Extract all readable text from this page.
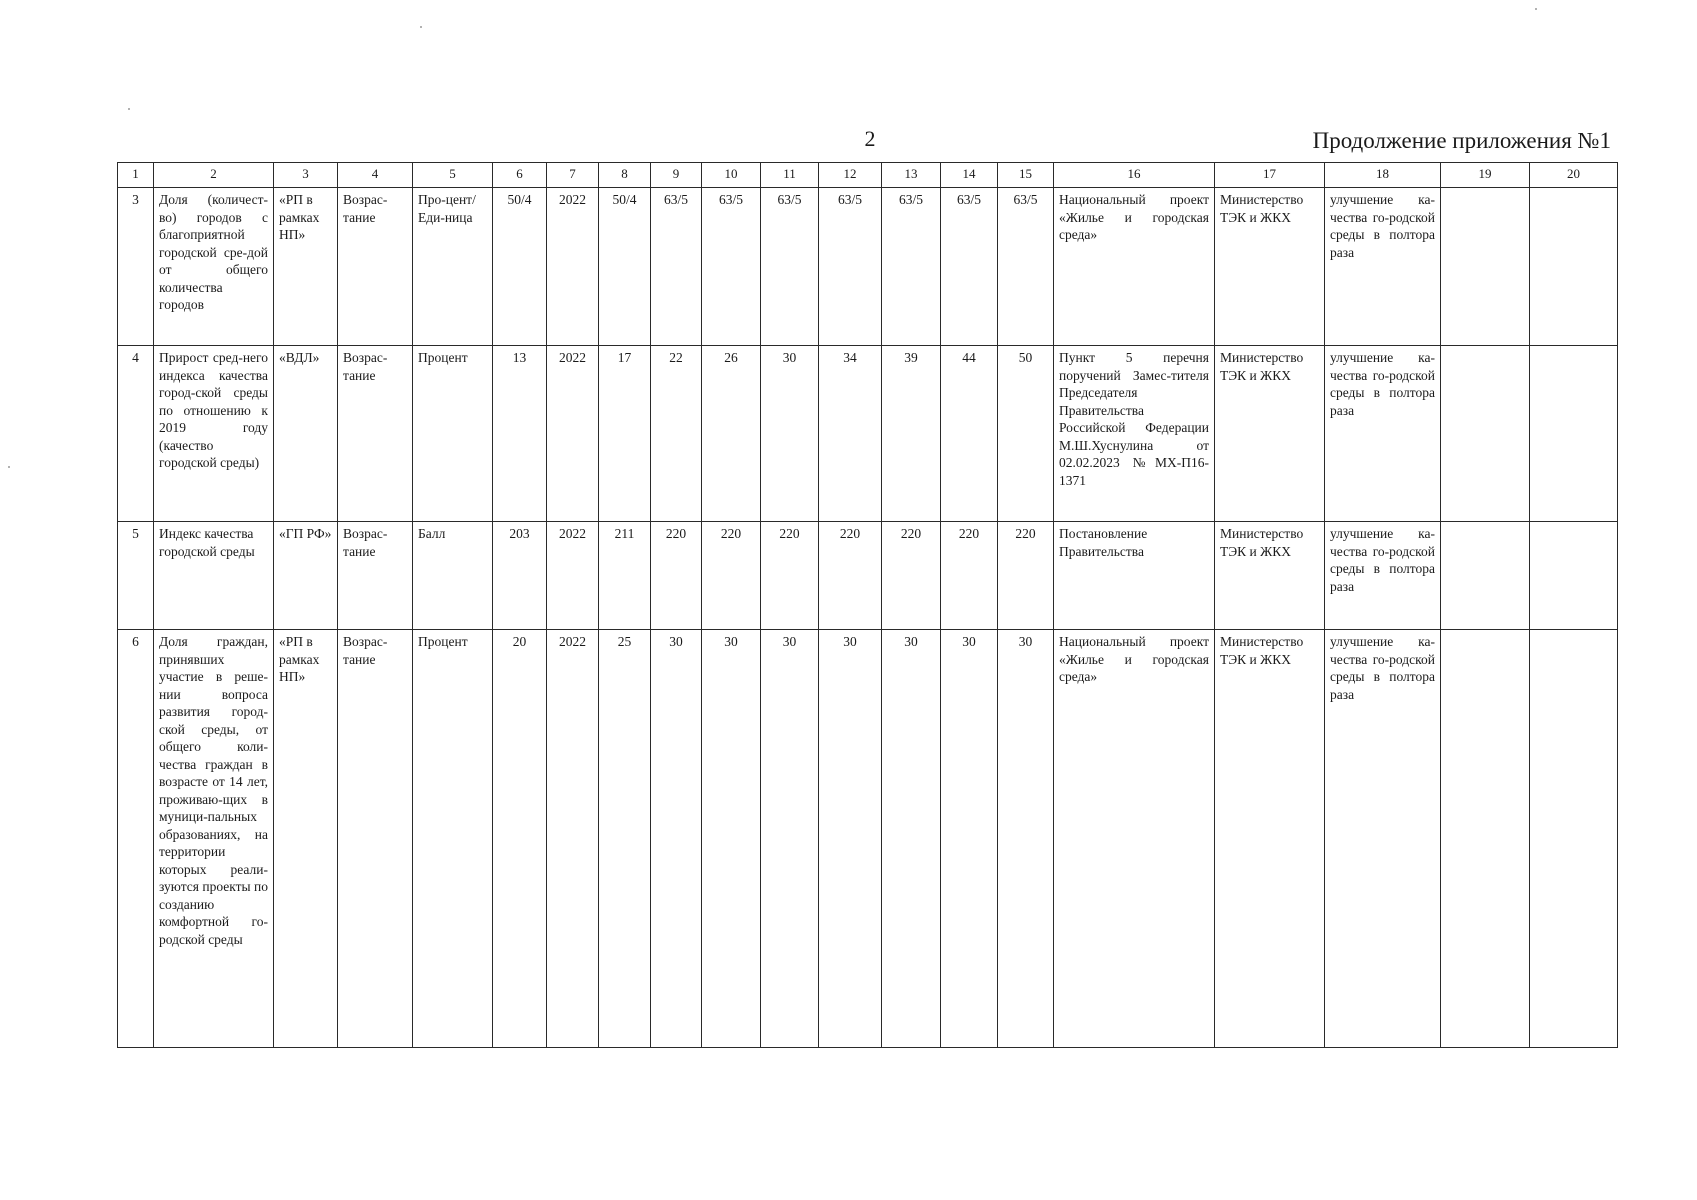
2	Продолжение приложения №1
1	2	3	4	5	6	7	8	9	10	11	12	13	14	15	16	17	18	19	20
3	Доля (количест-во) городов с благоприятной городской сре-дой от общего количества городов	«РП в рамках НП»	Возрас-тание	Про-цент/Еди-ница	50/4	2022	50/4	63/5	63/5	63/5	63/5	63/5	63/5	63/5	Национальный проект «Жилье и городская среда»	Министерство ТЭК и ЖКХ	улучшение ка-чества го-родской среды в полтора раза		
4	Прирост сред-него индекса качества город-ской среды по отношению к 2019 году (качество городской среды)	«ВДЛ»	Возрас-тание	Процент	13	2022	17	22	26	30	34	39	44	50	Пункт 5 перечня поручений Замес-тителя Председателя Правительства Российской Федерации М.Ш.Хуснулина от 02.02.2023 №МХ-П16-1371	Министерство ТЭК и ЖКХ	улучшение ка-чества го-родской среды в полтора раза		
5	Индекс качества городской среды	«ГП РФ»	Возрас-тание	Балл	203	2022	211	220	220	220	220	220	220	220	Постановление Правительства	Министерство ТЭК и ЖКХ	улучшение ка-чества го-родской среды в полтора раза		
6	Доля граждан, принявших участие в реше-нии вопроса развития город-ской среды, от общего коли-чества граждан в возрасте от 14 лет, проживаю-щих в муници-пальных образованиях, на территории которых реали-зуются проекты по созданию комфортной го-родской среды	«РП в рамках НП»	Возрас-тание	Процент	20	2022	25	30	30	30	30	30	30	30	Национальный проект «Жилье и городская среда»	Министерство ТЭК и ЖКХ	улучшение ка-чества го-родской среды в полтора раза		
